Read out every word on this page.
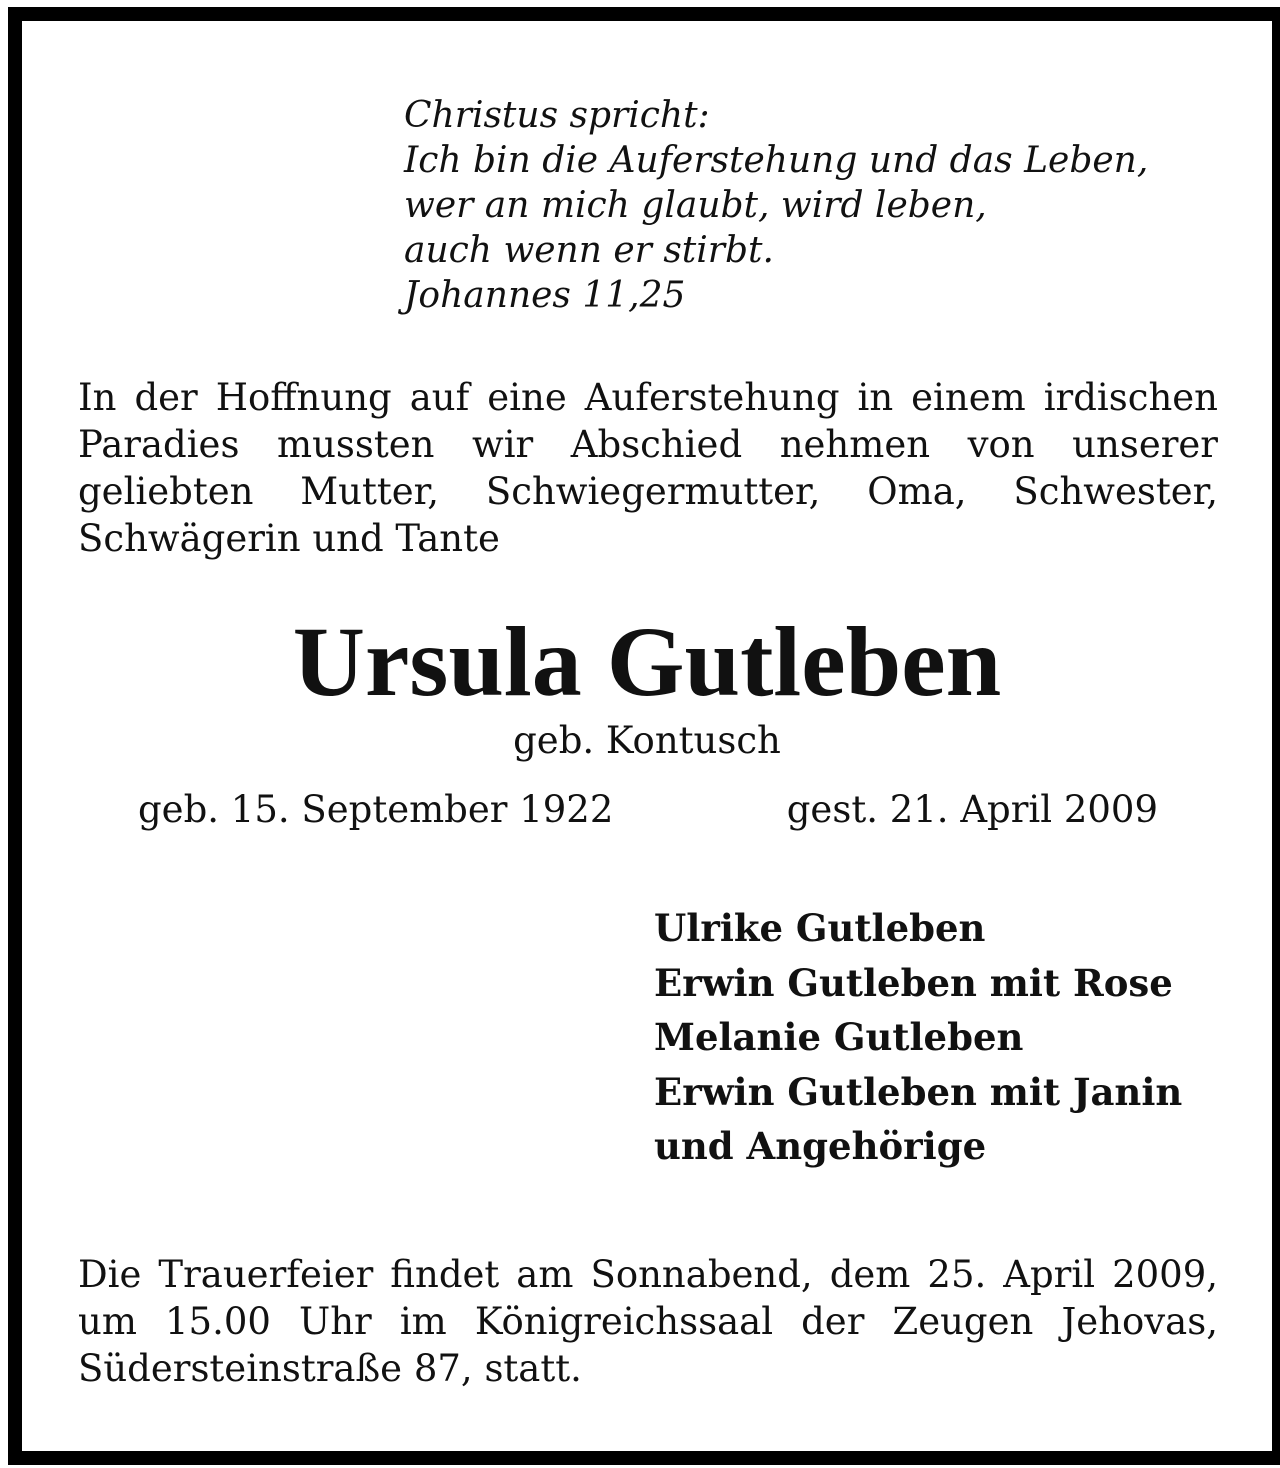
Christus spricht:
Ich bin die Auferstehung und das Leben,
wer an mich glaubt, wird leben,
auch wenn er stirbt.
Johannes 11,25
In der Hoffnung auf eine Auferstehung in einem irdischen Paradies mussten wir Abschied nehmen von unserer geliebten Mutter, Schwiegermutter, Oma, Schwester, Schwägerin und Tante
Ursula Gutleben
geb. Kontusch
geb. 15. September 1922	gest. 21. April 2009
Ulrike Gutleben
Erwin Gutleben mit Rose
Melanie Gutleben
Erwin Gutleben mit Janin
und Angehörige
Die Trauerfeier findet am Sonnabend, dem 25. April 2009, um 15.00 Uhr im Königreichssaal der Zeugen Jehovas, Südersteinstraße 87, statt.
